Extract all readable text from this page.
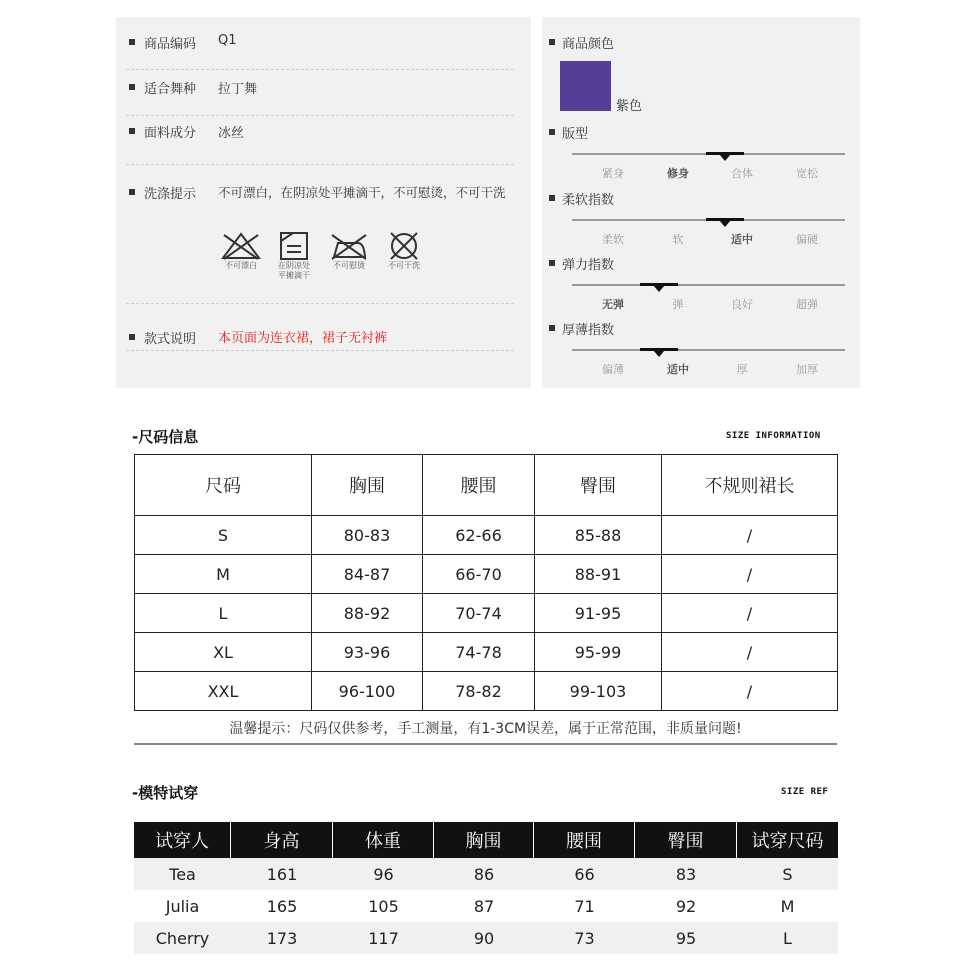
商品编码 Q1
适合舞种 拉丁舞
面料成分 冰丝
洗涤提示 不可漂白，在阴凉处平摊滴干，不可慰烫，不可干洗
不可漂白	在阴凉处
平摊滴干
不可慰烫	不可干洗
款式说明 本页面为连衣裙，裙子无衬裤
商品颜色
紫色
版型
紧身	修身	合体	宽松
柔软指数
柔软	软	适中	偏硬
弹力指数
无弹	弹	良好	超弹
厚薄指数
偏薄	适中	厚	加厚
-尺码信息	SIZE INFORMATION
尺码	胸围	腰围	臀围	不规则裙长
S	80-83	62-66	85-88	/
M	84-87	66-70	88-91	/
L	88-92	70-74	91-95	/
XL	93-96	74-78	95-99	/
XXL	96-100	78-82	99-103	/
温馨提示：尺码仅供参考，手工测量，有1-3CM误差，属于正常范围，非质量问题!
-模特试穿	SIZE REF
试穿人	身高	体重	胸围	腰围	臀围	试穿尺码
Tea	161	96	86	66	83	S
Julia	165	105	87	71	92	M
Cherry	173	117	90	73	95	L
